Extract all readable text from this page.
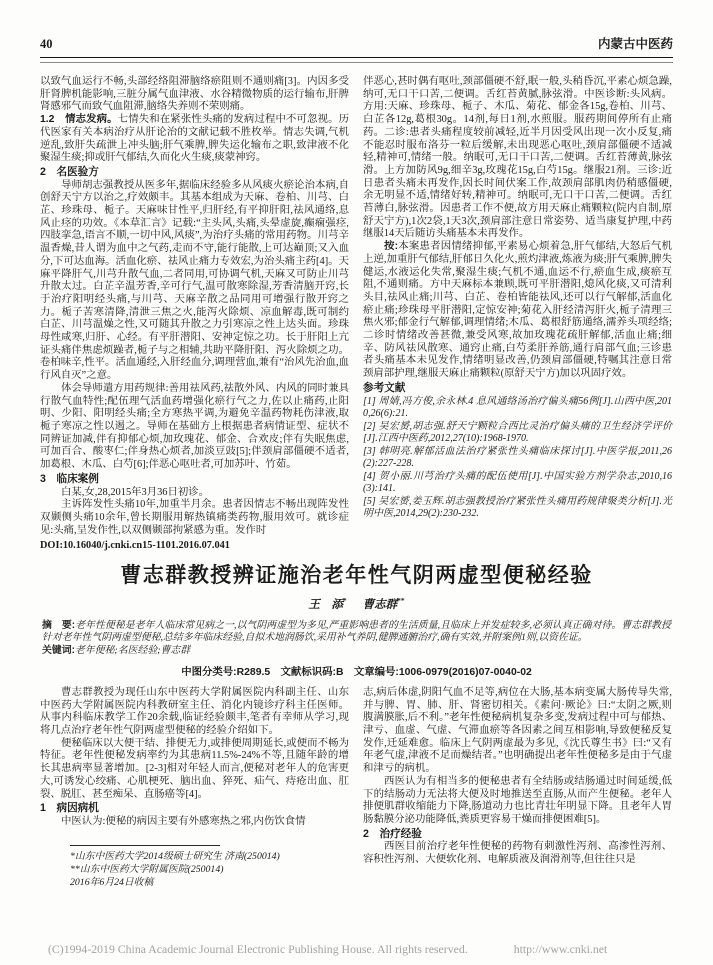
40	内蒙古中医药

以致气血运行不畅,头部经络阻滞脑络瘀阻则不通则痛[3]。内因多受肝肾脾机能影响,三脏分属气血津液、水谷精微物质的运行输布,肝脾肾感邪气而致气血阻滞,脑络失养则不荣则痛。

1.2　情志发病。七情失和在紧张性头痛的发病过程中不可忽视。历代医家有关本病治疗从肝论治的文献记载不胜枚举。情志失调,气机逆乱,致肝失疏泄上冲头脑;肝气乘脾,脾失运化输布之职,致津液不化聚湿生痰;抑或肝气郁结,久而化火生痰,痰蒙神窍。

2　名医验方

导师胡志强教授从医多年,据临床经验多从风痰火瘀论治本病,自创舒天宁方以治之,疗效颇丰。其基本组成为天麻、卷柏、川芎、白芷、珍珠母、栀子。天麻味甘性平,归肝经,有平抑肝阳,祛风通络,息风止痉的功效。《本草汇言》记载:“主头风,头痛,头晕虚旋,癫痫强痉,四肢挛急,语言不顺,一切中风,风痰”,为治疗头痛的常用药物。川芎辛温香燥,昔人谓为血中之气药,走而不守,能行能散,上可达巅顶;又入血分,下可达血海。活血化瘀、祛风止痛力专效宏,为治头痛主药[4]。天麻平降肝气,川芎升散气血,二者同用,可协调气机,天麻又可防止川芎升散太过。白芷辛温芳香,辛可行气,温可散寒除湿,芳香清脑开窍,长于治疗阳明经头痛,与川芎、天麻辛散之品同用可增强行散开窍之力。栀子苦寒清降,清泄三焦之火,能泻火除烦、凉血解毒,既可制约白芷、川芎温燥之性,又可随其升散之力引寒凉之性上达头面。珍珠母性咸寒,归肝、心经。有平肝潜阳、安神定惊之功。长于肝阳上亢证头痛伴焦虑烦躁者,栀子与之相辅,共助平降肝阳、泻火除烦之功。卷柏味辛,性平。活血通经,入肝经血分,调理营血,兼有“治风先治血,血行风自灭”之意。

体会导师遣方用药规律:善用祛风药,祛散外风、内风的同时兼具行散气血特性;配伍理气活血药增强化瘀行气之力,佐以止痛药,止阳明、少阳、阳明经头痛;全方寒热平调,为避免辛温药物耗伤津液,取栀子寒凉之性以遏之。导师在基础方上根据患者病情证型、症状不同辨证加减,伴有抑郁心烦,加玫瑰花、郁金、合欢皮;伴有失眠焦虑,可加百合、酸枣仁;伴身热心烦者,加淡豆豉[5];伴颈肩部僵硬不适者,加葛根、木瓜、白芍[6];伴恶心呕吐者,可加苏叶、竹茹。

3　临床案例

白某,女,28,2015年3月36日初诊。

主诉阵发性头痛10年,加重半月余。患者因情志不畅出现阵发性双颞侧头痛10余年,曾长期服用解热镇痛类药物,服用效可。就诊症见:头痛,呈发作性,以双侧颞部拘紧感为重。发作时

DOI:10.16040/j.cnki.cn15-1101.2016.07.041

伴恶心,甚时偶有呕吐,颈部僵硬不舒,眠一般,头稍昏沉,平素心烦急躁,纳可,无口干口苦,二便调。舌红苔黄腻,脉弦滑。中医诊断:头风病。方用:天麻、珍珠母、栀子、木瓜、菊花、郁金各15g,卷柏、川芎、白芷各12g,葛根30g。14剂,每日1剂,水煎服。服药期间停所有止痛药。二诊:患者头痛程度较前减轻,近半月因受风出现一次小反复,痛不能忍时服布洛芬一粒后缓解,未出现恶心呕吐,颈肩部僵硬不适减轻,精神可,情绪一般。纳眠可,无口干口苦,二便调。舌红苔薄黄,脉弦滑。上方加防风9g,细辛3g,玫瑰花15g,白芍15g。继服21剂。三诊:近日患者头痛未再发作,因长时间伏案工作,故颈肩部肌肉仍稍感僵硬,余无明显不适,情绪好转,精神可。纳眠可,无口干口苦,二便调。舌红苔薄白,脉弦滑。因患者工作不便,故方用天麻止痛颗粒(院内自制,原舒天宁方),1次2袋,1天3次,颈肩部注意日常姿势、适当康复护理,中药继服14天后随访头痛基本未再发作。

按:本案患者因情绪抑郁,平素易心烦着急,肝气郁结,大怒后气机上逆,加重肝气郁结,肝郁日久化火,煎灼津液,炼液为痰;肝气乘脾,脾失健运,水液运化失常,聚湿生痰;气机不通,血运不行,瘀血生成,痰瘀互阻,不通则痛。方中天麻标本兼顾,既可平肝潜阳,熄风化痰,又可清利头目,祛风止痛;川芎、白芷、卷柏皆能祛风,还可以行气解郁,活血化瘀止痛;珍珠母平肝潜阳,定惊安神;菊花入肝经清泻肝火,栀子清理三焦火邪;郁金行气解郁,调理情绪;木瓜、葛根舒筋通络,濡养头项经络;二诊时情绪改善甚微,兼受风寒,故加玫瑰花疏肝解郁,活血止痛;细辛、防风祛风散寒、通窍止痛,白芍柔肝养筋,通行肩部气血;三诊患者头痛基本未见发作,情绪明显改善,仍颈肩部僵硬,特嘱其注意日常颈肩部护理,继服天麻止痛颗粒(原舒天宁方)加以巩固疗效。

参考文献

[1] 周婧,冯方俊,余永林.4 息风通络汤治疗偏头痛56例[J].山西中医,2010,26(6):21.

[2] 吴宏赟,胡志强.舒天宁颗粒合西比灵治疗偏头痛的卫生经济学评价[J].江西中医药,2012,27(10):1968-1970.

[3] 韩明亮.解郁活血法治疗紧张性头痛临床探讨[J].中医学报,2011,26(2):227-228.

[4] 贺小丽.川芎治疗头痛的配伍使用[J].中国实验方剂学杂志,2010,16(3):141.

[5] 吴宏赟,姜玉辉.胡志强教授治疗紧张性头痛用药规律聚类分析[J].光明中医,2014,29(2):230-232.

曹志群教授辨证施治老年性气阴两虚型便秘经验
王　添* 曹志群**

摘　要:老年性便秘是老年人临床常见病之一,以气阴两虚型为多见,严重影响患者的生活质量,且临床上并发症较多,必须认真正确对待。曹志群教授针对老年性气阴两虚型便秘,总结多年临床经验,自拟术地润肠饮,采用补气养阴,健脾通腑治疗,确有实效,并附案例1则,以资佐证。

关键词:老年便秘;名医经验;曹志群

中图分类号:R289.5　文献标识码:B　文章编号:1006-0979(2016)07-0040-02

曹志群教授为现任山东中医药大学附属医院内科副主任、山东中医药大学附属医院内科教研室主任、消化内镜诊疗科主任医师。从事内科临床教学工作20余载,临证经验颇丰,笔者有幸师从学习,现将几点治疗老年性气阴两虚型便秘的经验介绍如下。

便秘临床以大便干结、排便无力,或排便周期延长,或便而不畅为特征。老年性便秘发病率约为其患病11.5%-24%不等,且随年龄的增长其患病率显著增加。[2-3]相对年轻人而言,便秘对老年人的危害更大,可诱发心绞痛、心肌梗死、脑出血、猝死、疝气、痔疮出血、肛裂、脱肛、甚至痴呆、直肠癌等[4]。

1　病因病机

中医认为:便秘的病因主要有外感寒热之邪,内伤饮食情

*山东中医药大学2014级硕士研究生 济南(250014)

**山东中医药大学附属医院(250014)

2016年6月24日收稿

志,病后体虚,阴阳气血不足等,病位在大肠,基本病变属大肠传导失常,并与脾、胃、肺、肝、肾密切相关。《素问·厥论》曰:“太阴之厥,则腹满膜胀,后不利。”老年性便秘病机复杂多变,发病过程中可与郁热、津亏、血虚、气虚、气滞血瘀等各因素之间互相影响,导致便秘反复发作,迁延难愈。临床上气阴两虚最为多见,《沈氏尊生书》曰:“又有年老气虚,津液不足而燥结者。”也明确提出老年性便秘多是由于气虚和津亏的病机。

西医认为有相当多的便秘患者有全结肠或结肠通过时间延缓,低下的结肠动力无法将大便及时地推送至直肠,从而产生便秘。老年人排便肌群收缩能力下降,肠道动力也比青壮年明显下降。且老年人胃肠黏膜分泌功能降低,粪质更容易干燥而排便困难[5]。

2　治疗经验

西医目前治疗老年性便秘的药物有刺激性泻剂、高渗性泻剂、容积性泻剂、大便软化剂、电解质液及润滑剂等,但往往只是

(C)1994-2019 China Academic Journal Electronic Publishing House. All rights reserved.	http://www.cnki.net
